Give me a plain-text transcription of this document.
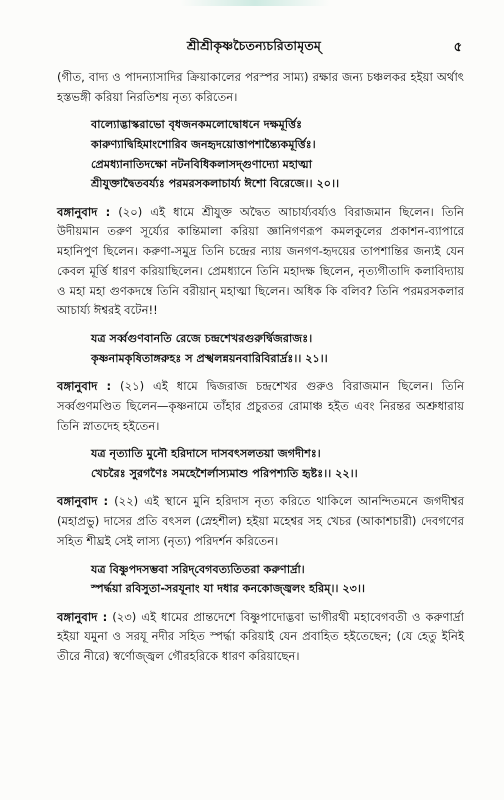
শ্রীশ্রীকৃষ্ণচৈতন্যচরিতামৃতম্‌	৫

(গীত, বাদ্য ও পাদন্যাসাদির ক্রিয়াকালের পরস্পর সাম্য) রক্ষার জন্য চঞ্চলকর হইয়া অর্থাৎ হস্তভঙ্গী করিয়া নিরতিশয় নৃত্য করিতেন।

বাল্যোদ্ভাস্করাভো বৃধজনকমলোদ্বোধনে দক্ষমূর্ত্তিঃ
কারুণ্যাদ্বিহিমাংশোরিব জনহৃদয়োত্তাপশান্ত্যৈকমূর্ত্তিঃ।
প্রেমধ্যানাতিদক্ষো নটনবিধিকলাসদ্গুণাদ্যো মহাত্মা
শ্রীযুক্তাদ্বৈতবর্য্যঃ পরমরসকলাচার্য্য ঈশো বিরেজে।। ২০।।

বঙ্গানুবাদ : (২০) এই ধামে শ্রীযুক্ত অদ্বৈত আচার্য্যবর্য্যও বিরাজমান ছিলেন। তিনি উদীয়মান তরুণ সূর্য্যের কান্তিমালা করিয়া জ্ঞানিগণরূপ কমলকুলের প্রকাশন-ব্যাপারে মহানিপুণ ছিলেন। করুণা-সমুদ্র তিনি চন্দ্রের ন্যায় জনগণ-হৃদয়ের তাপশান্তির জন্যই যেন কেবল মূর্ত্তি ধারণ করিয়াছিলেন। প্রেমধ্যানে তিনি মহাদক্ষ ছিলেন, নৃত্যগীতাদি কলাবিদ্যায় ও মহা মহা গুণকদম্বে তিনি বরীয়ান্‌ মহাত্মা ছিলেন। অধিক কি বলিব? তিনি পরমরসকলার আচার্য্য ঈশ্বরই বটেন!!

যত্র সর্ব্বগুণবানতি রেজে চন্দ্রশেখরগুরুর্দ্বিজরাজঃ।
কৃষ্ণনামকৃষিতাঙ্গরুহঃ স প্রস্খলন্নয়নবারিবিরার্দ্রঃ।। ২১।।

বঙ্গানুবাদ : (২১) এই ধামে দ্বিজরাজ চন্দ্রশেখর গুরুও বিরাজমান ছিলেন। তিনি সর্ব্বগুণমণ্ডিত ছিলেন—কৃষ্ণনামে তাঁহার প্রচুরতর রোমাঞ্চ হইত এবং নিরন্তর অশ্রুধারায় তিনি স্নাতদেহ হইতেন।

যত্র নৃত্যাতি মুনৌ হরিদাসে দাসবৎসলতয়া জগদীশঃ।
খেচরৈঃ সুরগণৈঃ সমহেশৈর্লাস্যমাশু পরিপশ্যতি হৃষ্টঃ।। ২২।।

বঙ্গানুবাদ : (২২) এই স্থানে মুনি হরিদাস নৃত্য করিতে থাকিলে আনন্দিতমনে জগদীশ্বর (মহাপ্রভু) দাসের প্রতি বৎসল (স্নেহশীল) হইয়া মহেশ্বর সহ খেচর (আকাশচারী) দেবগণের সহিত শীঘ্রই সেই লাস্য (নৃত্য) পরিদর্শন করিতেন।

যত্র বিষ্ণুপদসম্ভবা সরিদ্‌বেগবত্যতিতরা করুণার্দ্রা।
স্পর্দ্ধয়া রবিসুতা-সরযূনাং যা দধার কনকোজ্জ্বলং হরিম্‌।। ২৩।।

বঙ্গানুবাদ : (২৩) এই ধামের প্রান্তদেশে বিষ্ণুপাদোদ্ভবা ভাগীরথী মহাবেগবতী ও করুণার্দ্রা হইয়া যমুনা ও সরযূ নদীর সহিত স্পর্দ্ধা করিয়াই যেন প্রবাহিত হইতেছেন; (যে হেতু ইনিই তীরে নীরে) স্বর্ণোজ্জ্বল গৌরহরিকে ধারণ করিয়াছেন।
